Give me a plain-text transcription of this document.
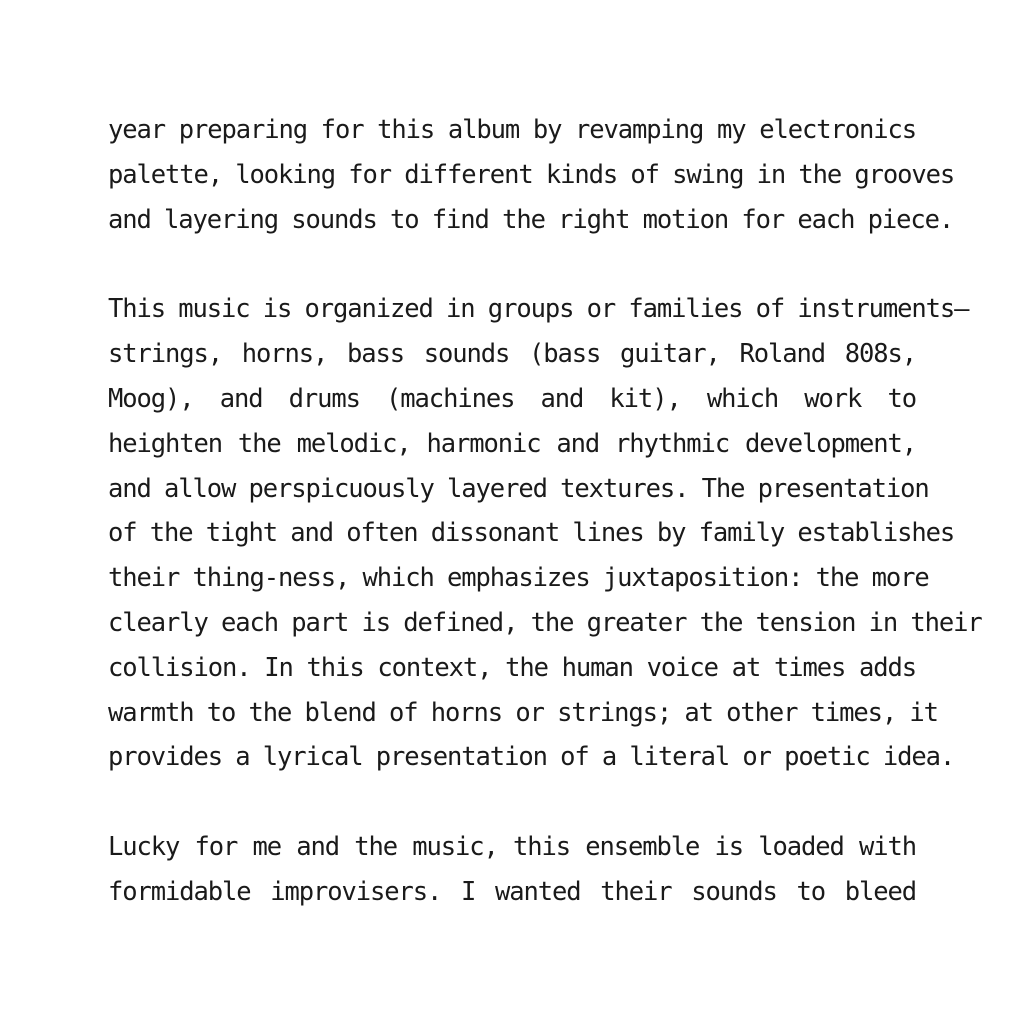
year preparing for this album by revamping my electronics
palette, looking for different kinds of swing in the grooves
and layering sounds to find the right motion for each piece.

This music is organized in groups or families of instruments—
strings, horns, bass sounds (bass guitar, Roland 808s,
Moog), and drums (machines and kit), which work to
heighten the melodic, harmonic and rhythmic development,
and allow perspicuously layered textures. The presentation
of the tight and often dissonant lines by family establishes
their thing-ness, which emphasizes juxtaposition: the more
clearly each part is defined, the greater the tension in their
collision. In this context, the human voice at times adds
warmth to the blend of horns or strings; at other times, it
provides a lyrical presentation of a literal or poetic idea.

Lucky for me and the music, this ensemble is loaded with
formidable improvisers. I wanted their sounds to bleed
